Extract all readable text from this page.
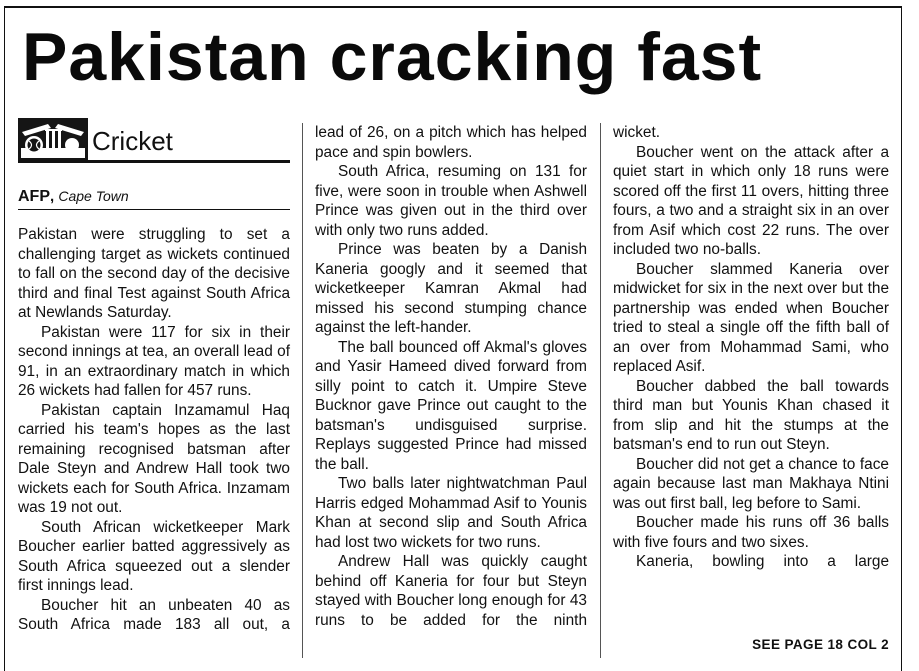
Pakistan cracking fast
Cricket
AFP, Cape Town

Pakistan were struggling to set a challenging target as wickets continued to fall on the second day of the decisive third and final Test against South Africa at Newlands Saturday.

Pakistan were 117 for six in their second innings at tea, an overall lead of 91, in an extraordinary match in which 26 wickets had fallen for 457 runs.

Pakistan captain Inzamamul Haq carried his team's hopes as the last remaining recognised batsman after Dale Steyn and Andrew Hall took two wickets each for South Africa. Inzamam was 19 not out.

South African wicketkeeper Mark Boucher earlier batted aggressively as South Africa squeezed out a slender first innings lead.

Boucher hit an unbeaten 40 as South Africa made 183 all out, a

lead of 26, on a pitch which has helped pace and spin bowlers.

South Africa, resuming on 131 for five, were soon in trouble when Ashwell Prince was given out in the third over with only two runs added.

Prince was beaten by a Danish Kaneria googly and it seemed that wicketkeeper Kamran Akmal had missed his second stumping chance against the left-hander.

The ball bounced off Akmal's gloves and Yasir Hameed dived forward from silly point to catch it. Umpire Steve Bucknor gave Prince out caught to the batsman's undisguised surprise. Replays suggested Prince had missed the ball.

Two balls later nightwatchman Paul Harris edged Mohammad Asif to Younis Khan at second slip and South Africa had lost two wickets for two runs.

Andrew Hall was quickly caught behind off Kaneria for four but Steyn stayed with Boucher long enough for 43 runs to be added for the ninth

wicket.

Boucher went on the attack after a quiet start in which only 18 runs were scored off the first 11 overs, hitting three fours, a two and a straight six in an over from Asif which cost 22 runs. The over included two no-balls.

Boucher slammed Kaneria over midwicket for six in the next over but the partnership was ended when Boucher tried to steal a single off the fifth ball of an over from Mohammad Sami, who replaced Asif.

Boucher dabbed the ball towards third man but Younis Khan chased it from slip and hit the stumps at the batsman's end to run out Steyn.

Boucher did not get a chance to face again because last man Makhaya Ntini was out first ball, leg before to Sami.

Boucher made his runs off 36 balls with five fours and two sixes.

Kaneria, bowling into a large

SEE PAGE 18 COL 2
